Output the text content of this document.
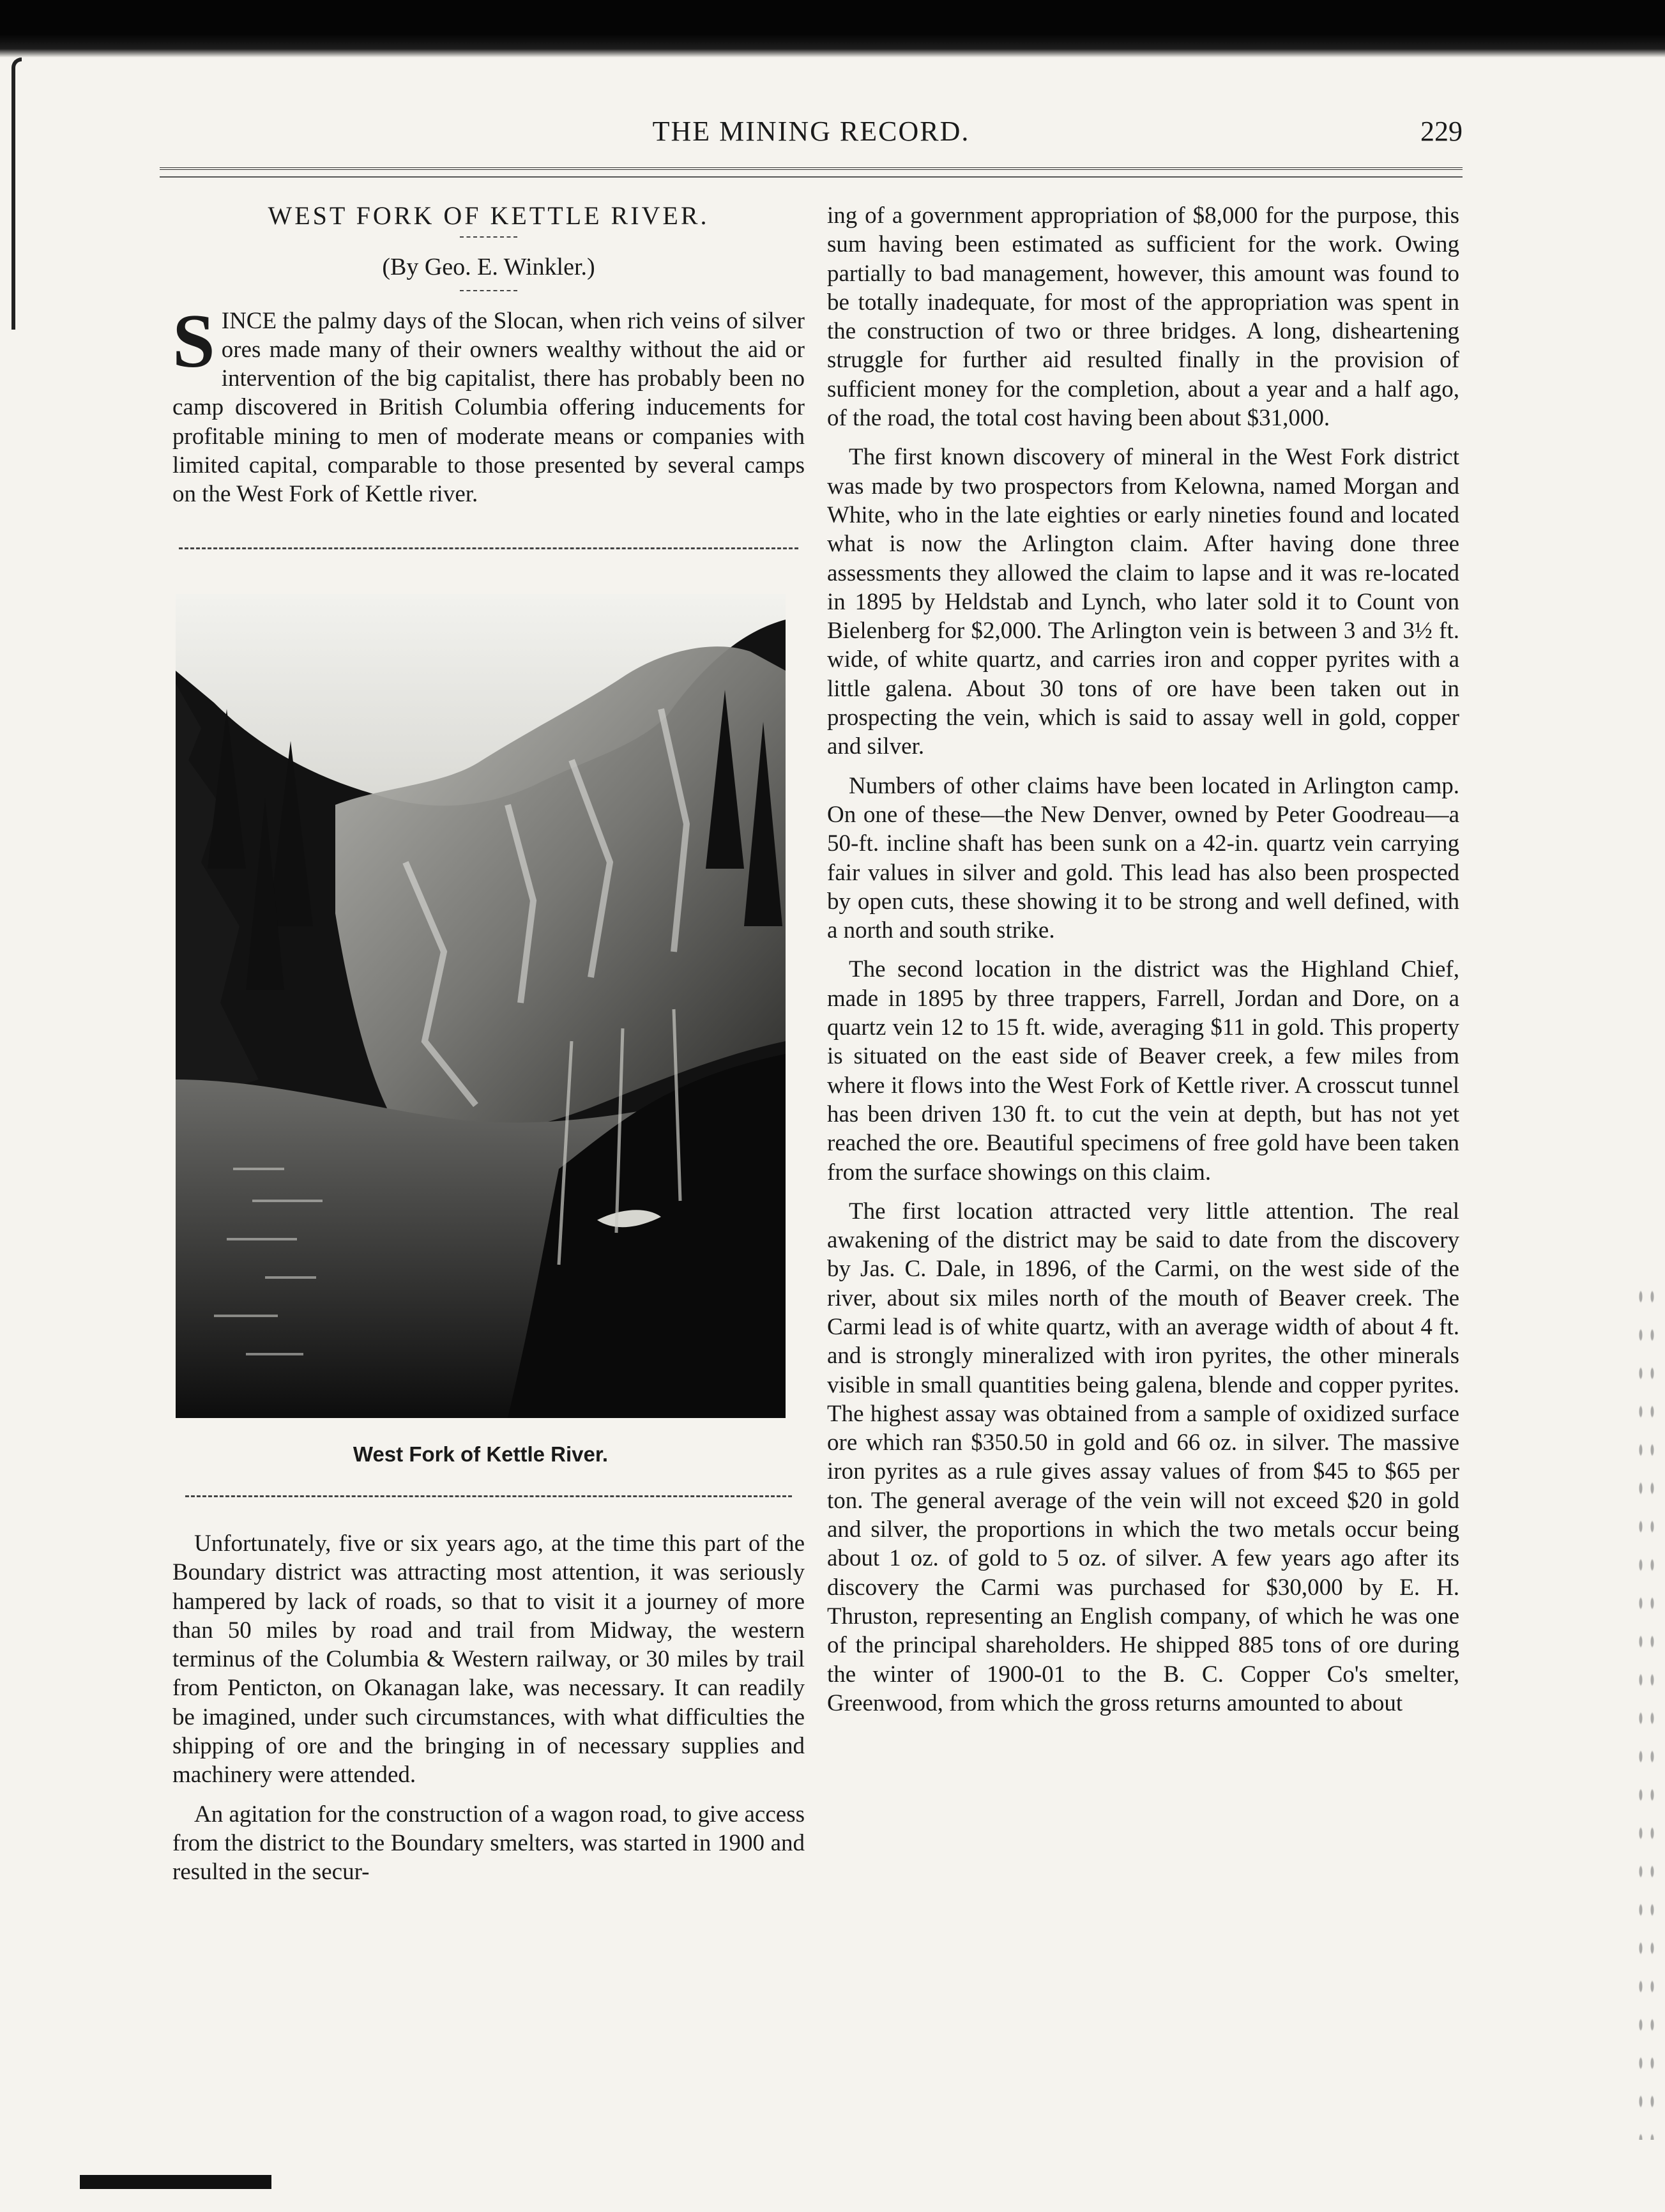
THE MINING RECORD.	229
WEST FORK OF KETTLE RIVER.
(By Geo. E. Winkler.)

SINCE the palmy days of the Slocan, when rich veins of silver ores made many of their owners wealthy without the aid or intervention of the big capitalist, there has probably been no camp discovered in British Columbia offering inducements for profitable mining to men of moderate means or companies with limited capital, comparable to those presented by several camps on the West Fork of Kettle river.

West Fork of Kettle River.

Unfortunately, five or six years ago, at the time this part of the Boundary district was attracting most attention, it was seriously hampered by lack of roads, so that to visit it a journey of more than 50 miles by road and trail from Midway, the western terminus of the Columbia & Western railway, or 30 miles by trail from Penticton, on Okanagan lake, was necessary. It can readily be imagined, under such circumstances, with what difficulties the shipping of ore and the bringing in of necessary supplies and machinery were attended.

An agitation for the construction of a wagon road, to give access from the district to the Boundary smelters, was started in 1900 and resulted in the secur-

ing of a government appropriation of $8,000 for the purpose, this sum having been estimated as sufficient for the work. Owing partially to bad management, however, this amount was found to be totally inadequate, for most of the appropriation was spent in the construction of two or three bridges. A long, disheartening struggle for further aid resulted finally in the provision of sufficient money for the completion, about a year and a half ago, of the road, the total cost having been about $31,000.

The first known discovery of mineral in the West Fork district was made by two prospectors from Kelowna, named Morgan and White, who in the late eighties or early nineties found and located what is now the Arlington claim. After having done three assessments they allowed the claim to lapse and it was re-located in 1895 by Heldstab and Lynch, who later sold it to Count von Bielenberg for $2,000. The Arlington vein is between 3 and 3½ ft. wide, of white quartz, and carries iron and copper pyrites with a little galena. About 30 tons of ore have been taken out in prospecting the vein, which is said to assay well in gold, copper and silver.

Numbers of other claims have been located in Arlington camp. On one of these—the New Denver, owned by Peter Goodreau—a 50-ft. incline shaft has been sunk on a 42-in. quartz vein carrying fair values in silver and gold. This lead has also been prospected by open cuts, these showing it to be strong and well defined, with a north and south strike.

The second location in the district was the Highland Chief, made in 1895 by three trappers, Farrell, Jordan and Dore, on a quartz vein 12 to 15 ft. wide, averaging $11 in gold. This property is situated on the east side of Beaver creek, a few miles from where it flows into the West Fork of Kettle river. A crosscut tunnel has been driven 130 ft. to cut the vein at depth, but has not yet reached the ore. Beautiful specimens of free gold have been taken from the surface showings on this claim.

The first location attracted very little attention. The real awakening of the district may be said to date from the discovery by Jas. C. Dale, in 1896, of the Carmi, on the west side of the river, about six miles north of the mouth of Beaver creek. The Carmi lead is of white quartz, with an average width of about 4 ft. and is strongly mineralized with iron pyrites, the other minerals visible in small quantities being galena, blende and copper pyrites. The highest assay was obtained from a sample of oxidized surface ore which ran $350.50 in gold and 66 oz. in silver. The massive iron pyrites as a rule gives assay values of from $45 to $65 per ton. The general average of the vein will not exceed $20 in gold and silver, the proportions in which the two metals occur being about 1 oz. of gold to 5 oz. of silver. A few years ago after its discovery the Carmi was purchased for $30,000 by E. H. Thruston, representing an English company, of which he was one of the principal shareholders. He shipped 885 tons of ore during the winter of 1900-01 to the B. C. Copper Co's smelter, Greenwood, from which the gross returns amounted to about
